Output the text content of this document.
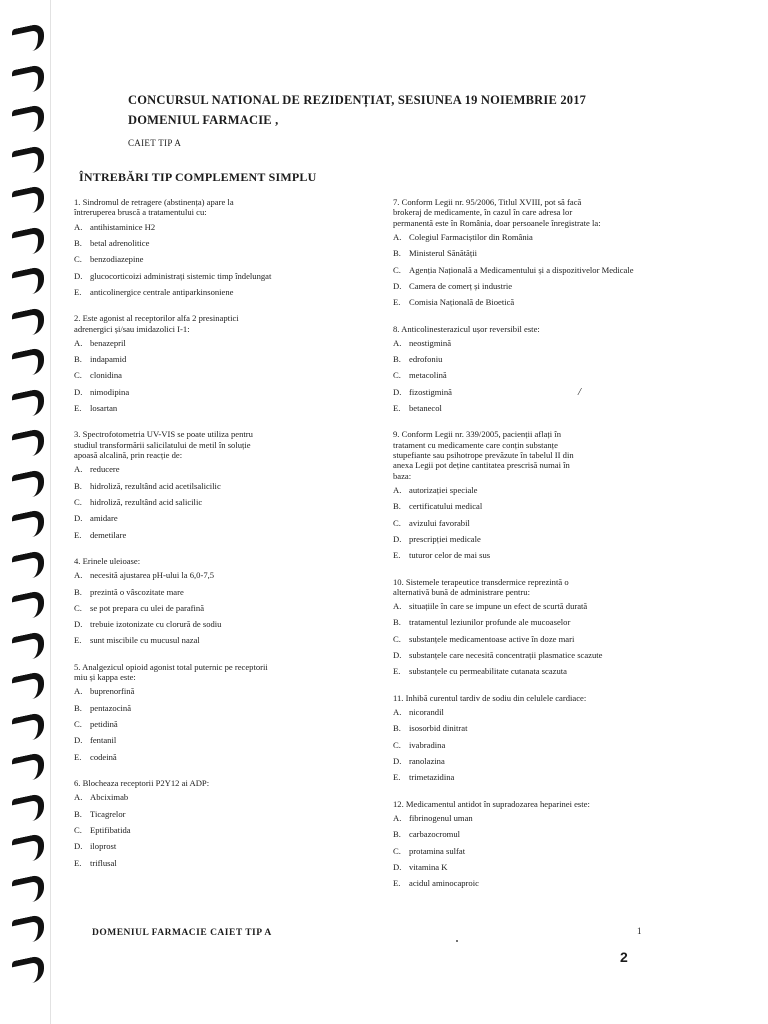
CONCURSUL NATIONAL DE REZIDENȚIAT, SESIUNEA 19 NOIEMBRIE 2017
DOMENIUL FARMACIE ,
CAIET TIP A
ÎNTREBĂRI TIP COMPLEMENT SIMPLU
1. Sindromul de retragere (abstinența) apare la
întreruperea bruscă a tratamentului cu:
A. antihistaminice H2
B. betal adrenolitice
C. benzodiazepine
D. glucocorticoizi administrați sistemic timp îndelungat
E. anticolinergice centrale antiparkinsoniene
2. Este agonist al receptorilor alfa 2 presinaptici
adrenergici și/sau imidazolici I-1:
A. benazepril
B. indapamid
C. clonidina
D. nimodipina
E. losartan
3. Spectrofotometria UV-VIS se poate utiliza pentru
studiul transformării salicilatului de metil în soluție
apoasă alcalină, prin reacție de:
A. reducere
B. hidroliză, rezultând acid acetilsalicilic
C. hidroliză, rezultând acid salicilic
D. amidare
E. demetilare
4. Erinele uleioase:
A. necesită ajustarea pH-ului la 6,0-7,5
B. prezintă o vâscozitate mare
C. se pot prepara cu ulei de parafină
D. trebuie izotonizate cu clorură de sodiu
E. sunt miscibile cu mucusul nazal
5. Analgezicul opioid agonist total puternic pe receptorii
miu și kappa este:
A. buprenorfină
B. pentazocină
C. petidină
D. fentanil
E. codeină
6. Blocheaza receptorii P2Y12 ai ADP:
A. Abciximab
B. Ticagrelor
C. Eptifibatida
D. iloprost
E. triflusal
7. Conform Legii nr. 95/2006, Titlul XVIII, pot să facă
brokeraj de medicamente, în cazul în care adresa lor
permanentă este în România, doar persoanele înregistrate la:
A. Colegiul Farmaciștilor din România
B. Ministerul Sănătății
C. Agenția Națională a Medicamentului și a dispozitivelor Medicale
D. Camera de comerț și industrie
E. Comisia Națională de Bioetică
8. Anticolinesterazicul ușor reversibil este:
A. neostigmină
B. edrofoniu
C. metacolină
D. fizostigmină
E. betanecol
9. Conform Legii nr. 339/2005, pacienții aflați în
tratament cu medicamente care conțin substanțe
stupefiante sau psihotrope prevăzute în tabelul II din
anexa Legii pot deține cantitatea prescrisă numai în
baza:
A. autorizației speciale
B. certificatului medical
C. avizului favorabil
D. prescripției medicale
E. tuturor celor de mai sus
10. Sistemele terapeutice transdermice reprezintă o
alternativă bună de administrare pentru:
A. situațiile în care se impune un efect de scurtă durată
B. tratamentul leziunilor profunde ale mucoaselor
C. substanțele medicamentoase active în doze mari
D. substanțele care necesită concentrații plasmatice scazute
E. substanțele cu permeabilitate cutanata scazuta
11. Inhibă curentul tardiv de sodiu din celulele cardiace:
A. nicorandil
B. isosorbid dinitrat
C. ivabradina
D. ranolazina
E. trimetazidina
12. Medicamentul antidot în supradozarea heparinei este:
A. fibrinogenul uman
B. carbazocromul
C. protamina sulfat
D. vitamina K
E. acidul aminocaproic
/
DOMENIUL FARMACIE CAIET TIP A	1
2
